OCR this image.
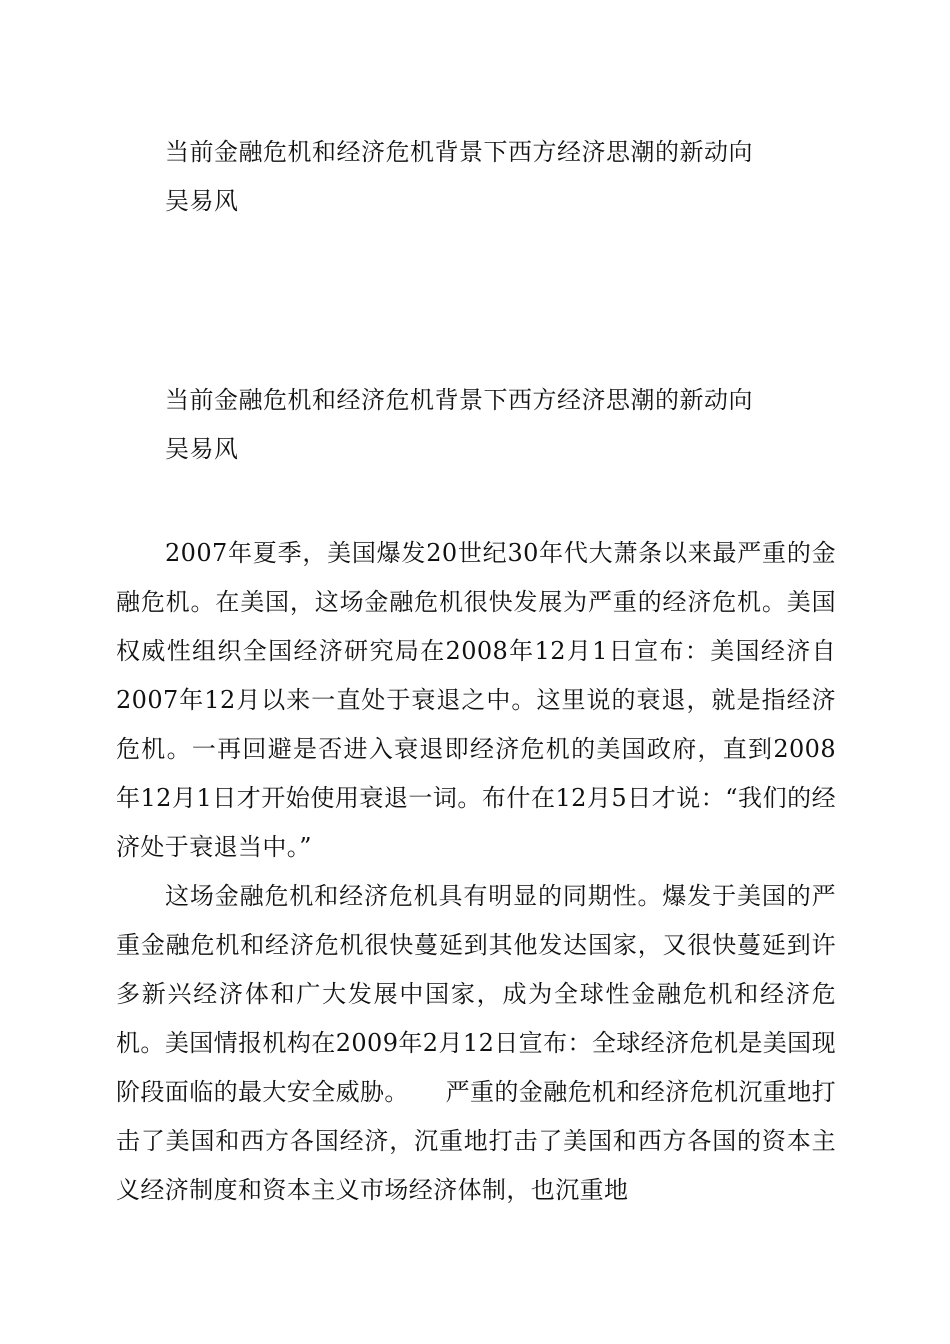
当前金融危机和经济危机背景下西方经济思潮的新动向
吴易风
当前金融危机和经济危机背景下西方经济思潮的新动向
吴易风

2007年夏季，美国爆发20世纪30年代大萧条以来最严重的金融危机。在美国，这场金融危机很快发展为严重的经济危机。美国权威性组织全国经济研究局在2008年12月1日宣布：美国经济自2007年12月以来一直处于衰退之中。这里说的衰退，就是指经济危机。一再回避是否进入衰退即经济危机的美国政府，直到2008年12月1日才开始使用衰退一词。布什在12月5日才说：“我们的经济处于衰退当中。”

这场金融危机和经济危机具有明显的同期性。爆发于美国的严重金融危机和经济危机很快蔓延到其他发达国家，又很快蔓延到许多新兴经济体和广大发展中国家，成为全球性金融危机和经济危机。美国情报机构在2009年2月12日宣布：全球经济危机是美国现阶段面临的最大安全威胁。　　严重的金融危机和经济危机沉重地打击了美国和西方各国经济，沉重地打击了美国和西方各国的资本主义经济制度和资本主义市场经济体制，也沉重地
